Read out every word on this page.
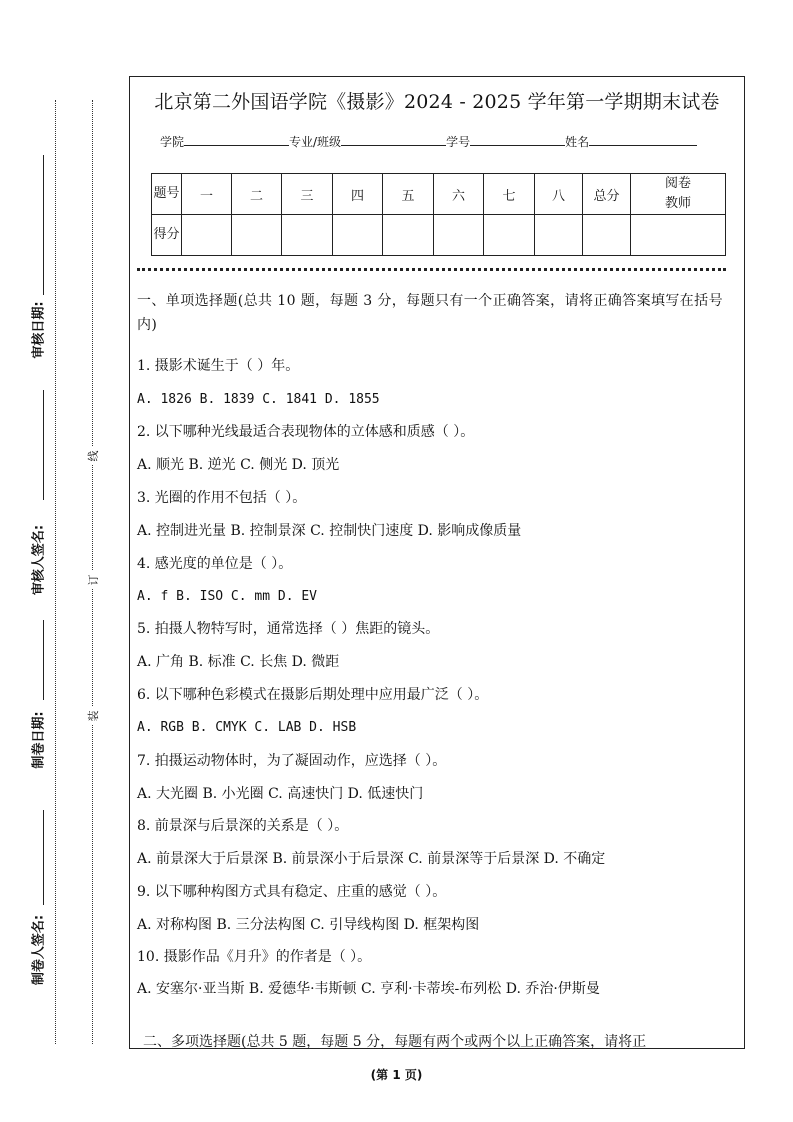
审核日期:
审核人签名:
制卷日期:
制卷人签名:
线
订
装
北京第二外国语学院《摄影》2024 - 2025 学年第一学期期末试卷
学院	专业/班级	学号	姓名
题号	一	二	三	四	五	六	七	八	总分	阅卷教师

得分										
一、单项选择题(总共 10 题，每题 3 分，每题只有一个正确答案，请将正确答案填写在括号内)
1. 摄影术诞生于（ ）年。
A. 1826 B. 1839 C. 1841 D. 1855
2. 以下哪种光线最适合表现物体的立体感和质感（ ）。
A. 顺光 B. 逆光 C. 侧光 D. 顶光
3. 光圈的作用不包括（ ）。
A. 控制进光量 B. 控制景深 C. 控制快门速度 D. 影响成像质量
4. 感光度的单位是（ ）。
A. f B. ISO C. mm D. EV
5. 拍摄人物特写时，通常选择（ ）焦距的镜头。
A. 广角 B. 标准 C. 长焦 D. 微距
6. 以下哪种色彩模式在摄影后期处理中应用最广泛（ ）。
A. RGB B. CMYK C. LAB D. HSB
7. 拍摄运动物体时，为了凝固动作，应选择（ ）。
A. 大光圈 B. 小光圈 C. 高速快门 D. 低速快门
8. 前景深与后景深的关系是（ ）。
A. 前景深大于后景深 B. 前景深小于后景深 C. 前景深等于后景深 D. 不确定
9. 以下哪种构图方式具有稳定、庄重的感觉（ ）。
A. 对称构图 B. 三分法构图 C. 引导线构图 D. 框架构图
10. 摄影作品《月升》的作者是（ ）。
A. 安塞尔·亚当斯 B. 爱德华·韦斯顿 C. 亨利·卡蒂埃-布列松 D. 乔治·伊斯曼
二、多项选择题(总共 5 题，每题 5 分，每题有两个或两个以上正确答案，请将正
(第 1 页)
